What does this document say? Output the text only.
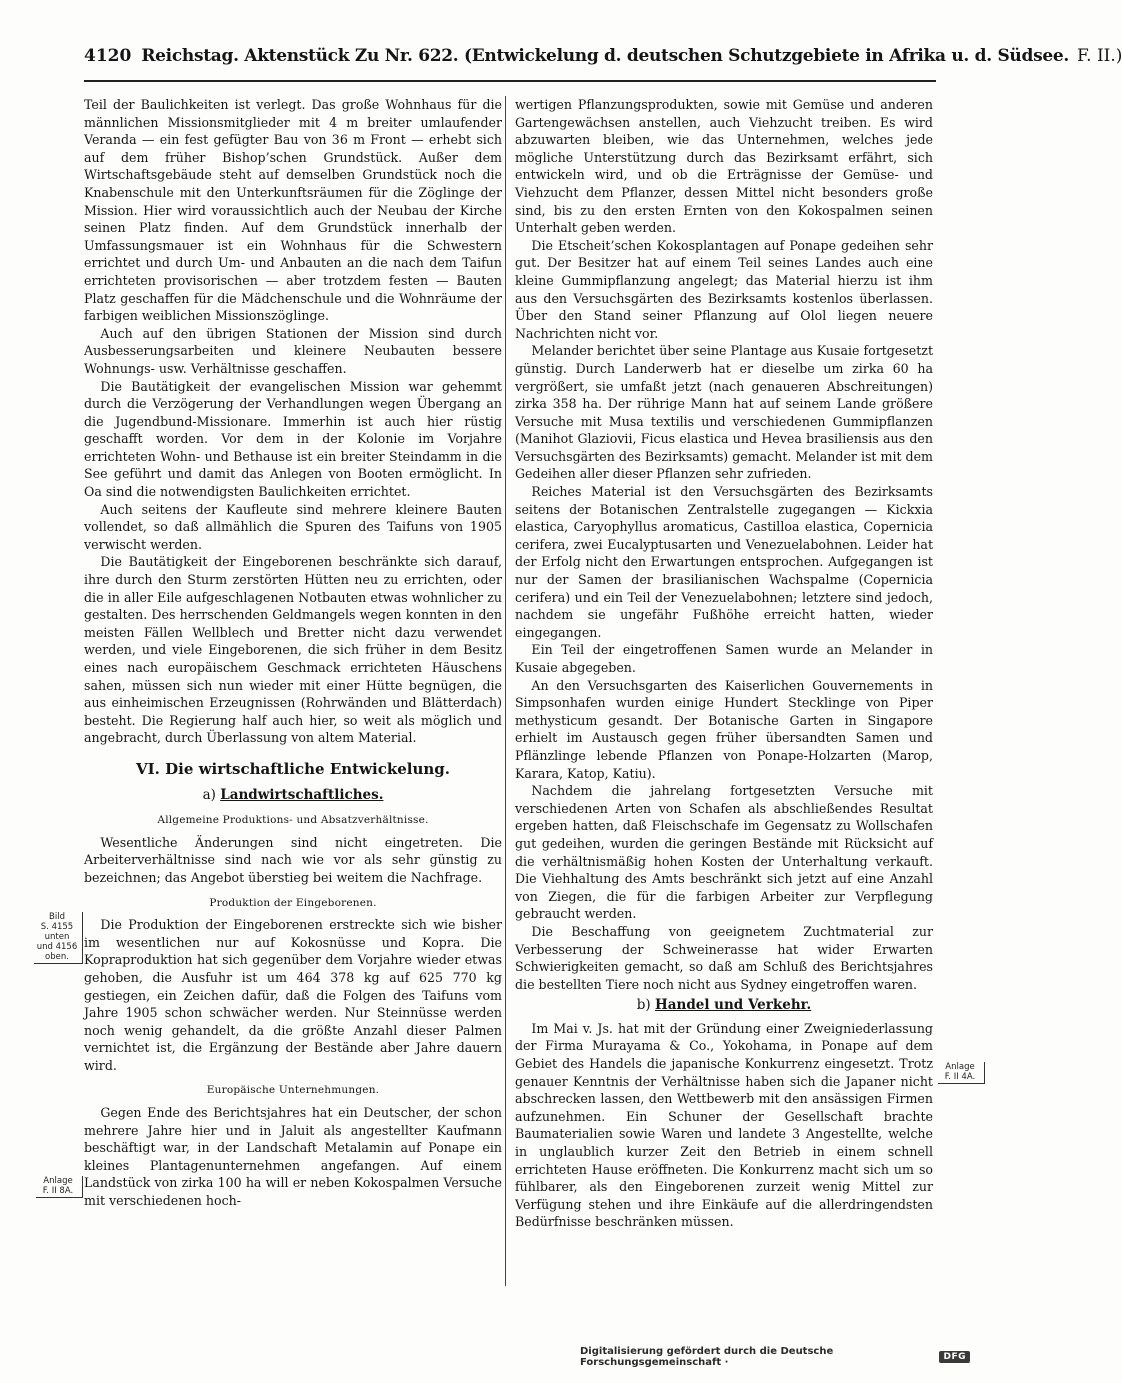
4120 Reichstag. Aktenstück Zu Nr. 622. (Entwickelung d. deutschen Schutzgebiete in Afrika u. d. Südsee. F. II.)

Teil der Baulichkeiten ist verlegt. Das große Wohnhaus für die männlichen Missionsmitglieder mit 4 m breiter umlaufender Veranda — ein fest gefügter Bau von 36 m Front — erhebt sich auf dem früher Bishop’schen Grundstück. Außer dem Wirtschaftsgebäude steht auf demselben Grundstück noch die Knabenschule mit den Unterkunftsräumen für die Zöglinge der Mission. Hier wird voraussichtlich auch der Neubau der Kirche seinen Platz finden. Auf dem Grundstück innerhalb der Umfassungsmauer ist ein Wohnhaus für die Schwestern errichtet und durch Um- und Anbauten an die nach dem Taifun errichteten provisorischen — aber trotzdem festen — Bauten Platz geschaffen für die Mädchenschule und die Wohnräume der farbigen weiblichen Missionszöglinge.

Auch auf den übrigen Stationen der Mission sind durch Ausbesserungsarbeiten und kleinere Neubauten bessere Wohnungs- usw. Verhältnisse geschaffen.

Die Bautätigkeit der evangelischen Mission war gehemmt durch die Verzögerung der Verhandlungen wegen Übergang an die Jugendbund-Missionare. Immerhin ist auch hier rüstig geschafft worden. Vor dem in der Kolonie im Vorjahre errichteten Wohn- und Bethause ist ein breiter Steindamm in die See geführt und damit das Anlegen von Booten ermöglicht. In Oa sind die notwendigsten Baulichkeiten errichtet.

Auch seitens der Kaufleute sind mehrere kleinere Bauten vollendet, so daß allmählich die Spuren des Taifuns von 1905 verwischt werden.

Die Bautätigkeit der Eingeborenen beschränkte sich darauf, ihre durch den Sturm zerstörten Hütten neu zu errichten, oder die in aller Eile aufgeschlagenen Notbauten etwas wohnlicher zu gestalten. Des herrschenden Geldmangels wegen konnten in den meisten Fällen Wellblech und Bretter nicht dazu verwendet werden, und viele Eingeborenen, die sich früher in dem Besitz eines nach europäischem Geschmack errichteten Häuschens sahen, müssen sich nun wieder mit einer Hütte begnügen, die aus einheimischen Erzeugnissen (Rohrwänden und Blätterdach) besteht. Die Regierung half auch hier, so weit als möglich und angebracht, durch Überlassung von altem Material.

VI. Die wirtschaftliche Entwickelung.
a) Landwirtschaftliches.
Allgemeine Produktions- und Absatzverhältnisse.

Wesentliche Änderungen sind nicht eingetreten. Die Arbeiterverhältnisse sind nach wie vor als sehr günstig zu bezeichnen; das Angebot überstieg bei weitem die Nachfrage.

Produktion der Eingeborenen.

Die Produktion der Eingeborenen erstreckte sich wie bisher im wesentlichen nur auf Kokosnüsse und Kopra. Die Kopraproduktion hat sich gegenüber dem Vorjahre wieder etwas gehoben, die Ausfuhr ist um 464 378 kg auf 625 770 kg gestiegen, ein Zeichen dafür, daß die Folgen des Taifuns vom Jahre 1905 schon schwächer werden. Nur Steinnüsse werden noch wenig gehandelt, da die größte Anzahl dieser Palmen vernichtet ist, die Ergänzung der Bestände aber Jahre dauern wird.

Europäische Unternehmungen.

Gegen Ende des Berichtsjahres hat ein Deutscher, der schon mehrere Jahre hier und in Jaluit als angestellter Kaufmann beschäftigt war, in der Landschaft Metalamin auf Ponape ein kleines Plantagenunternehmen angefangen. Auf einem Landstück von zirka 100 ha will er neben Kokospalmen Versuche mit verschiedenen hoch-

wertigen Pflanzungsprodukten, sowie mit Gemüse und anderen Gartengewächsen anstellen, auch Viehzucht treiben. Es wird abzuwarten bleiben, wie das Unternehmen, welches jede mögliche Unterstützung durch das Bezirksamt erfährt, sich entwickeln wird, und ob die Erträgnisse der Gemüse- und Viehzucht dem Pflanzer, dessen Mittel nicht besonders große sind, bis zu den ersten Ernten von den Kokospalmen seinen Unterhalt geben werden.

Die Etscheit’schen Kokosplantagen auf Ponape gedeihen sehr gut. Der Besitzer hat auf einem Teil seines Landes auch eine kleine Gummipflanzung angelegt; das Material hierzu ist ihm aus den Versuchsgärten des Bezirksamts kostenlos überlassen. Über den Stand seiner Pflanzung auf Olol liegen neuere Nachrichten nicht vor.

Melander berichtet über seine Plantage aus Kusaie fortgesetzt günstig. Durch Landerwerb hat er dieselbe um zirka 60 ha vergrößert, sie umfaßt jetzt (nach genaueren Abschreitungen) zirka 358 ha. Der rührige Mann hat auf seinem Lande größere Versuche mit Musa textilis und verschiedenen Gummipflanzen (Manihot Glaziovii, Ficus elastica und Hevea brasiliensis aus den Versuchsgärten des Bezirksamts) gemacht. Melander ist mit dem Gedeihen aller dieser Pflanzen sehr zufrieden.

Reiches Material ist den Versuchsgärten des Bezirksamts seitens der Botanischen Zentralstelle zugegangen — Kickxia elastica, Caryophyllus aromaticus, Castilloa elastica, Copernicia cerifera, zwei Eucalyptusarten und Venezuelabohnen. Leider hat der Erfolg nicht den Erwartungen entsprochen. Aufgegangen ist nur der Samen der brasilianischen Wachspalme (Copernicia cerifera) und ein Teil der Venezuelabohnen; letztere sind jedoch, nachdem sie ungefähr Fußhöhe erreicht hatten, wieder eingegangen.

Ein Teil der eingetroffenen Samen wurde an Melander in Kusaie abgegeben.

An den Versuchsgarten des Kaiserlichen Gouvernements in Simpsonhafen wurden einige Hundert Stecklinge von Piper methysticum gesandt. Der Botanische Garten in Singapore erhielt im Austausch gegen früher übersandten Samen und Pflänzlinge lebende Pflanzen von Ponape-Holzarten (Marop, Karara, Katop, Katiu).

Nachdem die jahrelang fortgesetzten Versuche mit verschiedenen Arten von Schafen als abschließendes Resultat ergeben hatten, daß Fleischschafe im Gegensatz zu Wollschafen gut gedeihen, wurden die geringen Bestände mit Rücksicht auf die verhältnismäßig hohen Kosten der Unterhaltung verkauft. Die Viehhaltung des Amts beschränkt sich jetzt auf eine Anzahl von Ziegen, die für die farbigen Arbeiter zur Verpflegung gebraucht werden.

Die Beschaffung von geeignetem Zuchtmaterial zur Verbesserung der Schweinerasse hat wider Erwarten Schwierigkeiten gemacht, so daß am Schluß des Berichtsjahres die bestellten Tiere noch nicht aus Sydney eingetroffen waren.

b) Handel und Verkehr.

Im Mai v. Js. hat mit der Gründung einer Zweigniederlassung der Firma Murayama & Co., Yokohama, in Ponape auf dem Gebiet des Handels die japanische Konkurrenz eingesetzt. Trotz genauer Kenntnis der Verhältnisse haben sich die Japaner nicht abschrecken lassen, den Wettbewerb mit den ansässigen Firmen aufzunehmen. Ein Schuner der Gesellschaft brachte Baumaterialien sowie Waren und landete 3 Angestellte, welche in unglaublich kurzer Zeit den Betrieb in einem schnell errichteten Hause eröffneten. Die Konkurrenz macht sich um so fühlbarer, als den Eingeborenen zurzeit wenig Mittel zur Verfügung stehen und ihre Einkäufe auf die allerdringendsten Bedürfnisse beschränken müssen.

Bild
S. 4155
unten
und 4156
oben.
Anlage
F. II 8A.
Anlage
F. II 4A.
Digitalisierung gefördert durch die Deutsche Forschungsgemeinschaft ·	DFG
